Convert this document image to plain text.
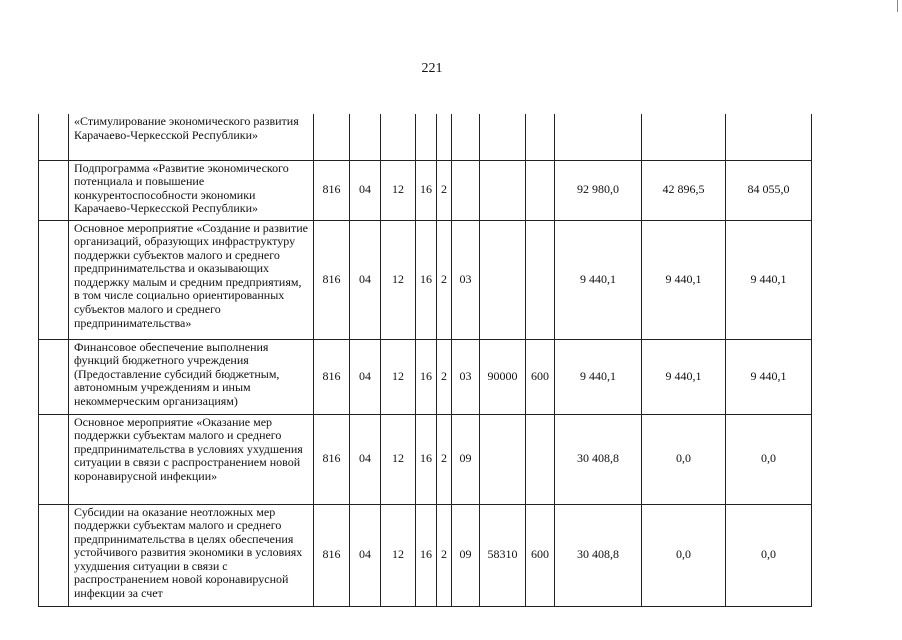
221
	«Стимулирование экономического развития Карачаево-Черкесской Республики»											
	Подпрограмма «Развитие экономического потенциала и повышение конкурентоспособности экономики Карачаево-Черкесской Республики»	816	04	12	16	2				92 980,0	42 896,5	84 055,0
	Основное мероприятие «Создание и развитие организаций, образующих инфраструктуру поддержки субъектов малого и среднего предпринимательства и оказывающих поддержку малым и средним предприятиям, в том числе социально ориентированных субъектов малого и среднего предпринимательства»	816	04	12	16	2	03			9 440,1	9 440,1	9 440,1
	Финансовое обеспечение выполнения функций бюджетного учреждения (Предоставление субсидий бюджетным, автономным учреждениям и иным некоммерческим организациям)	816	04	12	16	2	03	90000	600	9 440,1	9 440,1	9 440,1
	Основное мероприятие «Оказание мер поддержки субъектам малого и среднего предпринимательства в условиях ухудшения ситуации в связи с распространением новой коронавирусной инфекции»	816	04	12	16	2	09			30 408,8	0,0	0,0
	Субсидии на оказание неотложных мер поддержки субъектам малого и среднего предпринимательства в целях обеспечения устойчивого развития экономики в условиях ухудшения ситуации в связи с распространением новой коронавирусной инфекции за счет	816	04	12	16	2	09	58310	600	30 408,8	0,0	0,0
